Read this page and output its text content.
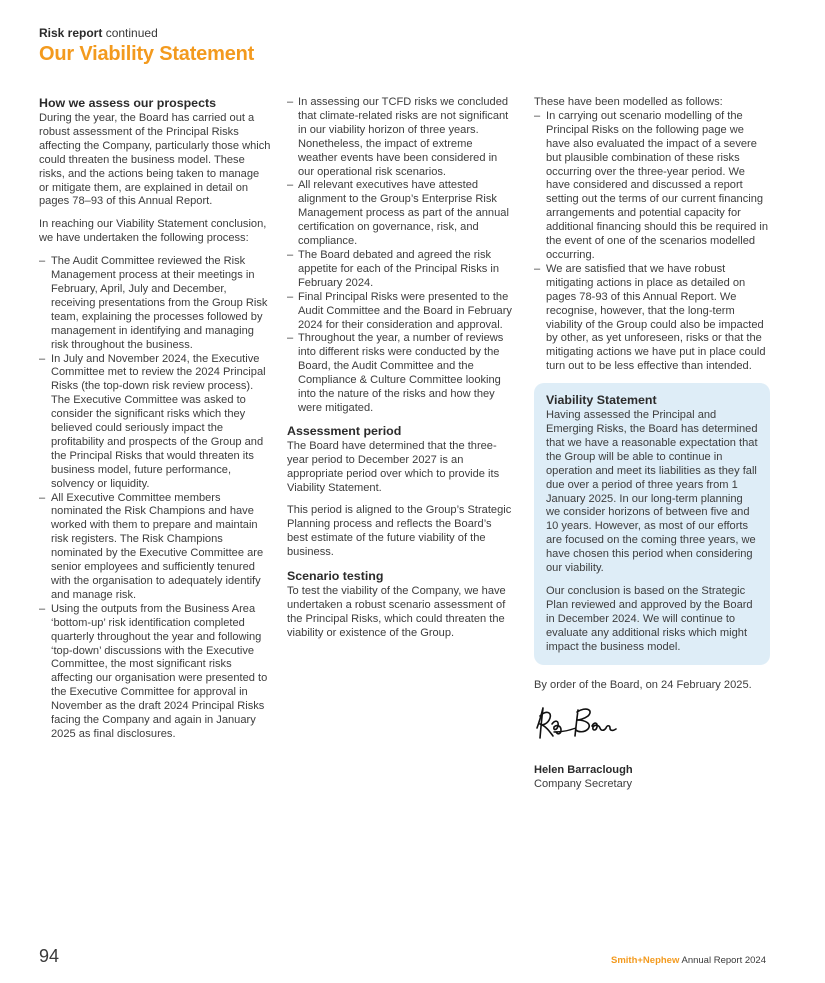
Risk report continued
Our Viability Statement
How we assess our prospects

During the year, the Board has carried out a robust assessment of the Principal Risks affecting the Company, particularly those which could threaten the business model. These risks, and the actions being taken to manage or mitigate them, are explained in detail on pages 78–93 of this Annual Report.

In reaching our Viability Statement conclusion, we have undertaken the following process:

– The Audit Committee reviewed the Risk Management process at their meetings in February, April, July and December, receiving presentations from the Group Risk team, explaining the processes followed by management in identifying and managing risk throughout the business.
– In July and November 2024, the Executive Committee met to review the 2024 Principal Risks (the top-down risk review process). The Executive Committee was asked to consider the significant risks which they believed could seriously impact the profitability and prospects of the Group and the Principal Risks that would threaten its business model, future performance, solvency or liquidity.
– All Executive Committee members nominated the Risk Champions and have worked with them to prepare and maintain risk registers. The Risk Champions nominated by the Executive Committee are senior employees and sufficiently tenured with the organisation to adequately identify and manage risk.
– Using the outputs from the Business Area ‘bottom-up’ risk identification completed quarterly throughout the year and following ‘top-down’ discussions with the Executive Committee, the most significant risks affecting our organisation were presented to the Executive Committee for approval in November as the draft 2024 Principal Risks facing the Company and again in January 2025 as final disclosures.
– In assessing our TCFD risks we concluded that climate-related risks are not significant in our viability horizon of three years. Nonetheless, the impact of extreme weather events have been considered in our operational risk scenarios.
– All relevant executives have attested alignment to the Group’s Enterprise Risk Management process as part of the annual certification on governance, risk, and compliance.
– The Board debated and agreed the risk appetite for each of the Principal Risks in February 2024.
– Final Principal Risks were presented to the Audit Committee and the Board in February 2024 for their consideration and approval.
– Throughout the year, a number of reviews into different risks were conducted by the Board, the Audit Committee and the Compliance & Culture Committee looking into the nature of the risks and how they were mitigated.
Assessment period

The Board have determined that the three-year period to December 2027 is an appropriate period over which to provide its Viability Statement.

This period is aligned to the Group’s Strategic Planning process and reflects the Board’s best estimate of the future viability of the business.

Scenario testing

To test the viability of the Company, we have undertaken a robust scenario assessment of the Principal Risks, which could threaten the viability or existence of the Group.

These have been modelled as follows:

– In carrying out scenario modelling of the Principal Risks on the following page we have also evaluated the impact of a severe but plausible combination of these risks occurring over the three-year period. We have considered and discussed a report setting out the terms of our current financing arrangements and potential capacity for additional financing should this be required in the event of one of the scenarios modelled occurring.
– We are satisfied that we have robust mitigating actions in place as detailed on pages 78-93 of this Annual Report. We recognise, however, that the long-term viability of the Group could also be impacted by other, as yet unforeseen, risks or that the mitigating actions we have put in place could turn out to be less effective than intended.
Viability Statement

Having assessed the Principal and Emerging Risks, the Board has determined that we have a reasonable expectation that the Group will be able to continue in operation and meet its liabilities as they fall due over a period of three years from 1 January 2025. In our long-term planning we consider horizons of between five and 10 years. However, as most of our efforts are focused on the coming three years, we have chosen this period when considering our viability.

Our conclusion is based on the Strategic Plan reviewed and approved by the Board in December 2024. We will continue to evaluate any additional risks which might impact the business model.

By order of the Board, on 24 February 2025.

Helen Barraclough

Company Secretary

94	Smith+Nephew Annual Report 2024
